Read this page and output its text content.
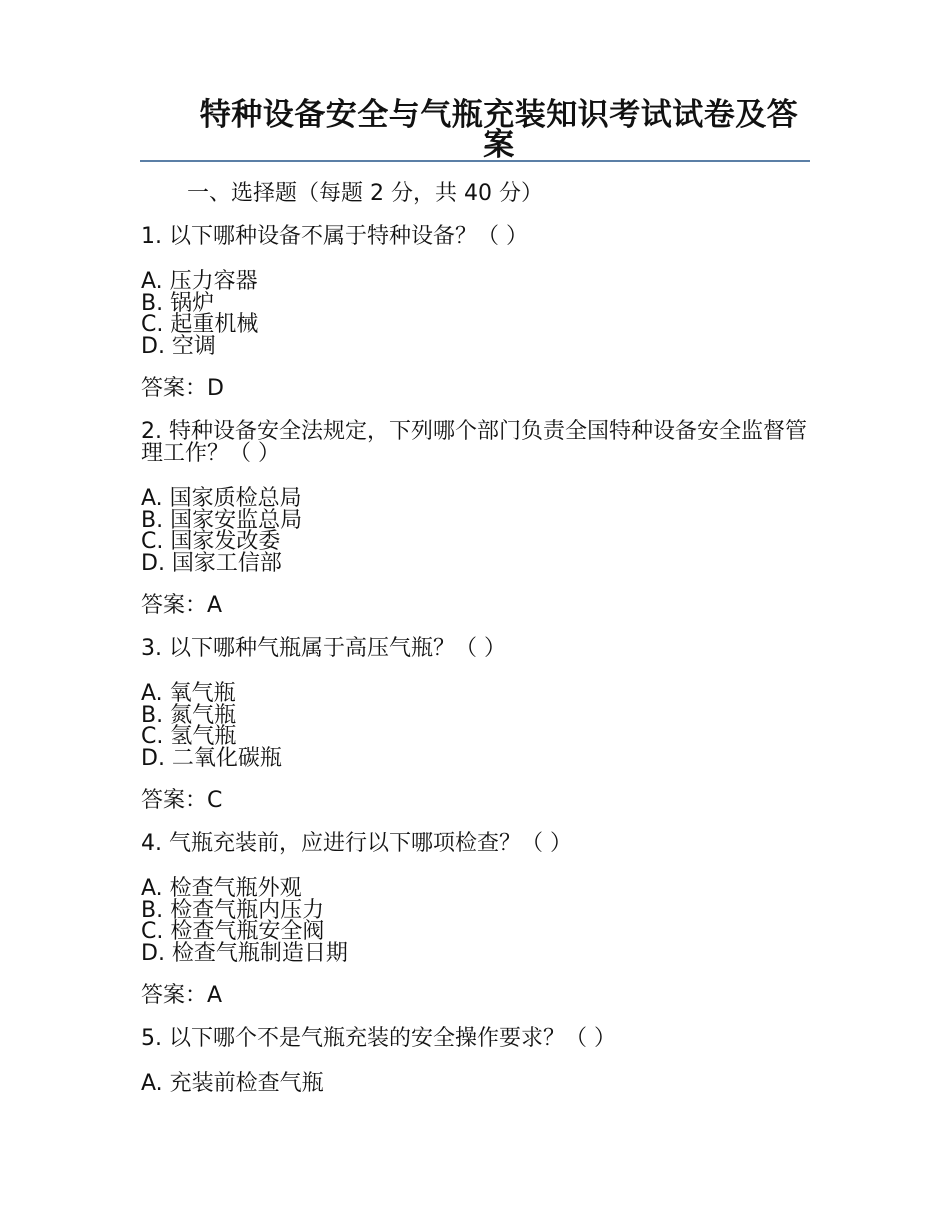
特种设备安全与气瓶充装知识考试试卷及答案
一、选择题（每题 2 分，共 40 分）
1. 以下哪种设备不属于特种设备？（ ）
A. 压力容器
B. 锅炉
C. 起重机械
D. 空调
答案：D
2. 特种设备安全法规定，下列哪个部门负责全国特种设备安全监督管理工作？（ ）
A. 国家质检总局
B. 国家安监总局
C. 国家发改委
D. 国家工信部
答案：A
3. 以下哪种气瓶属于高压气瓶？（ ）
A. 氧气瓶
B. 氮气瓶
C. 氢气瓶
D. 二氧化碳瓶
答案：C
4. 气瓶充装前，应进行以下哪项检查？（ ）
A. 检查气瓶外观
B. 检查气瓶内压力
C. 检查气瓶安全阀
D. 检查气瓶制造日期
答案：A
5. 以下哪个不是气瓶充装的安全操作要求？（ ）
A. 充装前检查气瓶
